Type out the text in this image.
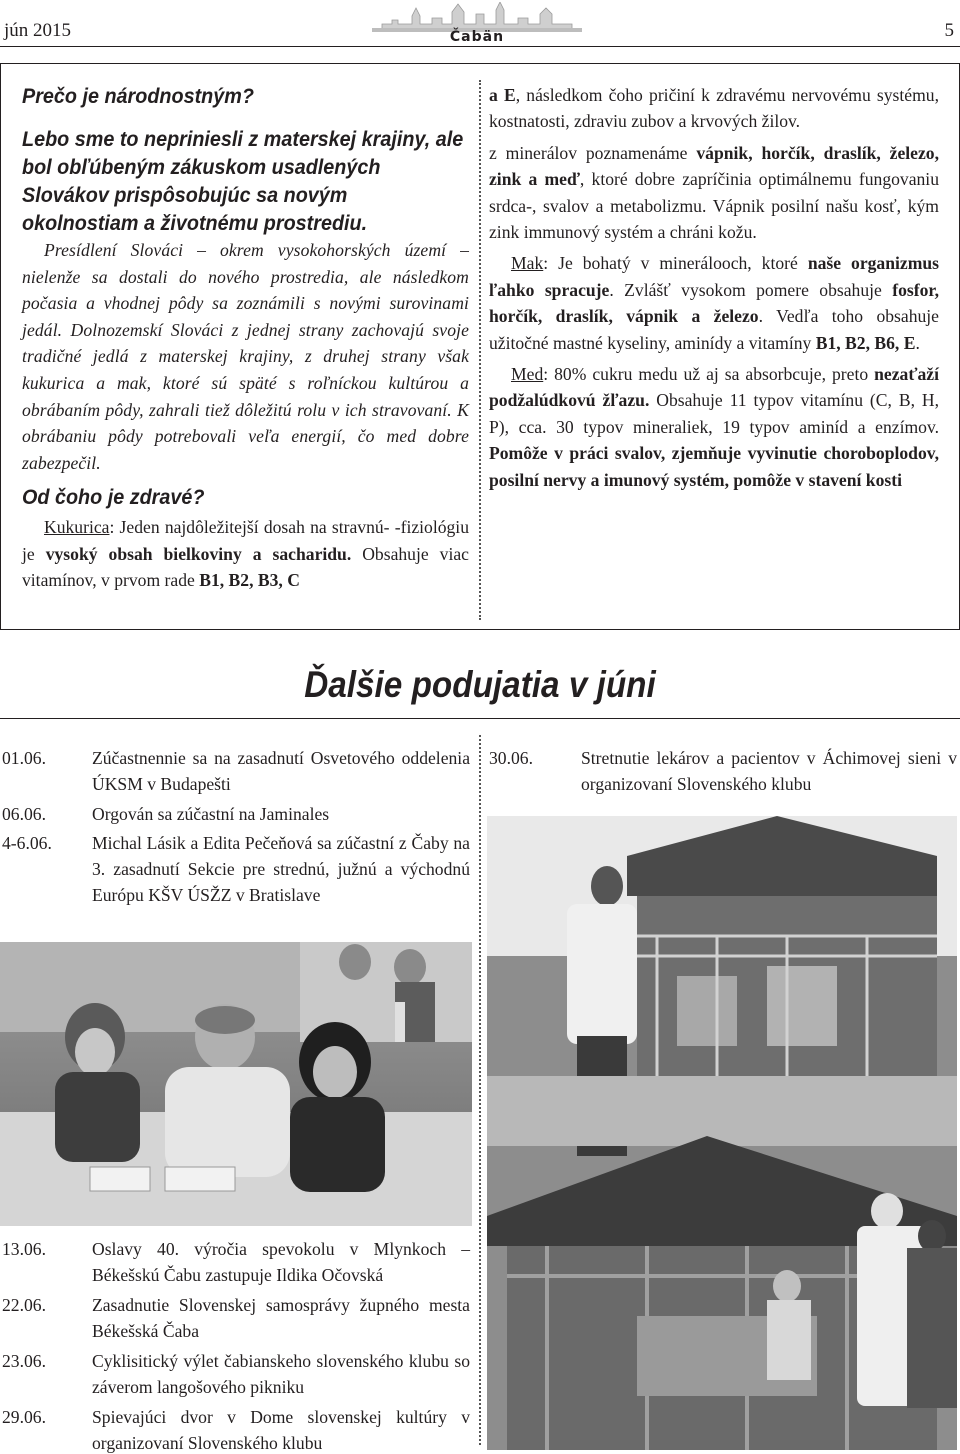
jún 2015	Čabän	5
Prečo je národnostným?
Lebo sme to nepriniesli z materskej krajiny, ale bol obľúbeným zákuskom usadlených Slovákov prispôsobujúc sa novým okolnostiam a životnému prostrediu.

Presídlení Slováci – okrem vysokohorských území – nielenže sa dostali do nového prostredia, ale následkom počasia a vhodnej pôdy sa zoznámili s novými surovinami jedál. Dolnozemskí Slováci z jednej strany zachovajú svoje tradičné jedlá z materskej krajiny, z druhej strany však kukurica a mak, ktoré sú späté s roľníckou kultúrou a obrábaním pôdy, zahrali tiež dôležitú rolu v ich stravovaní. K obrábaniu pôdy potrebovali veľa energií, čo med dobre zabezpečil.

Od čoho je zdravé?

Kukurica: Jeden najdôležitejší dosah na stravnú- -fiziológiu je vysoký obsah bielkoviny a sacharidu. Obsahuje viac vitamínov, v prvom rade B1, B2, B3, C

a E, následkom čoho pričiní k zdravému nervovému systému, kostnatosti, zdraviu zubov a krvových žilov.

z minerálov poznamenáme vápnik, horčík, draslík, železo, zink a meď, ktoré dobre zapríčinia optimálnemu fungovaniu srdca-, svalov a metabolizmu. Vápnik posilní našu kosť, kým zink immunový systém a chráni kožu.

Mak: Je bohatý v minerálooch, ktoré naše organizmus ľahko spracuje. Zvlášť vysokom pomere obsahuje fosfor, horčík, draslík, vápnik a železo. Vedľa toho obsahuje užitočné mastné kyseliny, aminídy a vitamíny B1, B2, B6, E.

Med: 80% cukru medu už aj sa absorbcuje, preto nezaťaží podžalúdkovú žľazu. Obsahuje 11 typov vitamínu (C, B, H, P), cca. 30 typov mineraliek, 19 typov aminíd a enzímov. Pomôže v práci svalov, zjemňuje vyvinutie choroboplodov, posilní nervy a imunový systém, pomôže v stavení kosti

Ďalšie podujatia v júni
01.06.	Zúčastnennie sa na zasadnutí Osvetového oddelenia ÚKSM v Budapešti
06.06.	Orgován sa zúčastní na Jaminales
4-6.06. Michal Lásik a Edita Pečeňová sa zúčastní z Čaby na 3. zasadnutí Sekcie pre strednú, južnú a východnú Európu KŠV ÚSŽZ v Bratislave
30.06.	Stretnutie lekárov a pacientov v Áchimovej sieni v organizovaní Slovenského klubu
13.06.	Oslavy 40. výročia spevokolu v Mlynkoch – Békešskú Čabu zastupuje Ildika Očovská
22.06.	Zasadnutie Slovenskej samosprávy župného mesta Békešská Čaba
23.06.	Cyklisitický výlet čabianskeho slovenského klubu so záverom langošového pikniku
29.06.	Spievajúci dvor v Dome slovenskej kultúry v organizovaní Slovenského klubu
